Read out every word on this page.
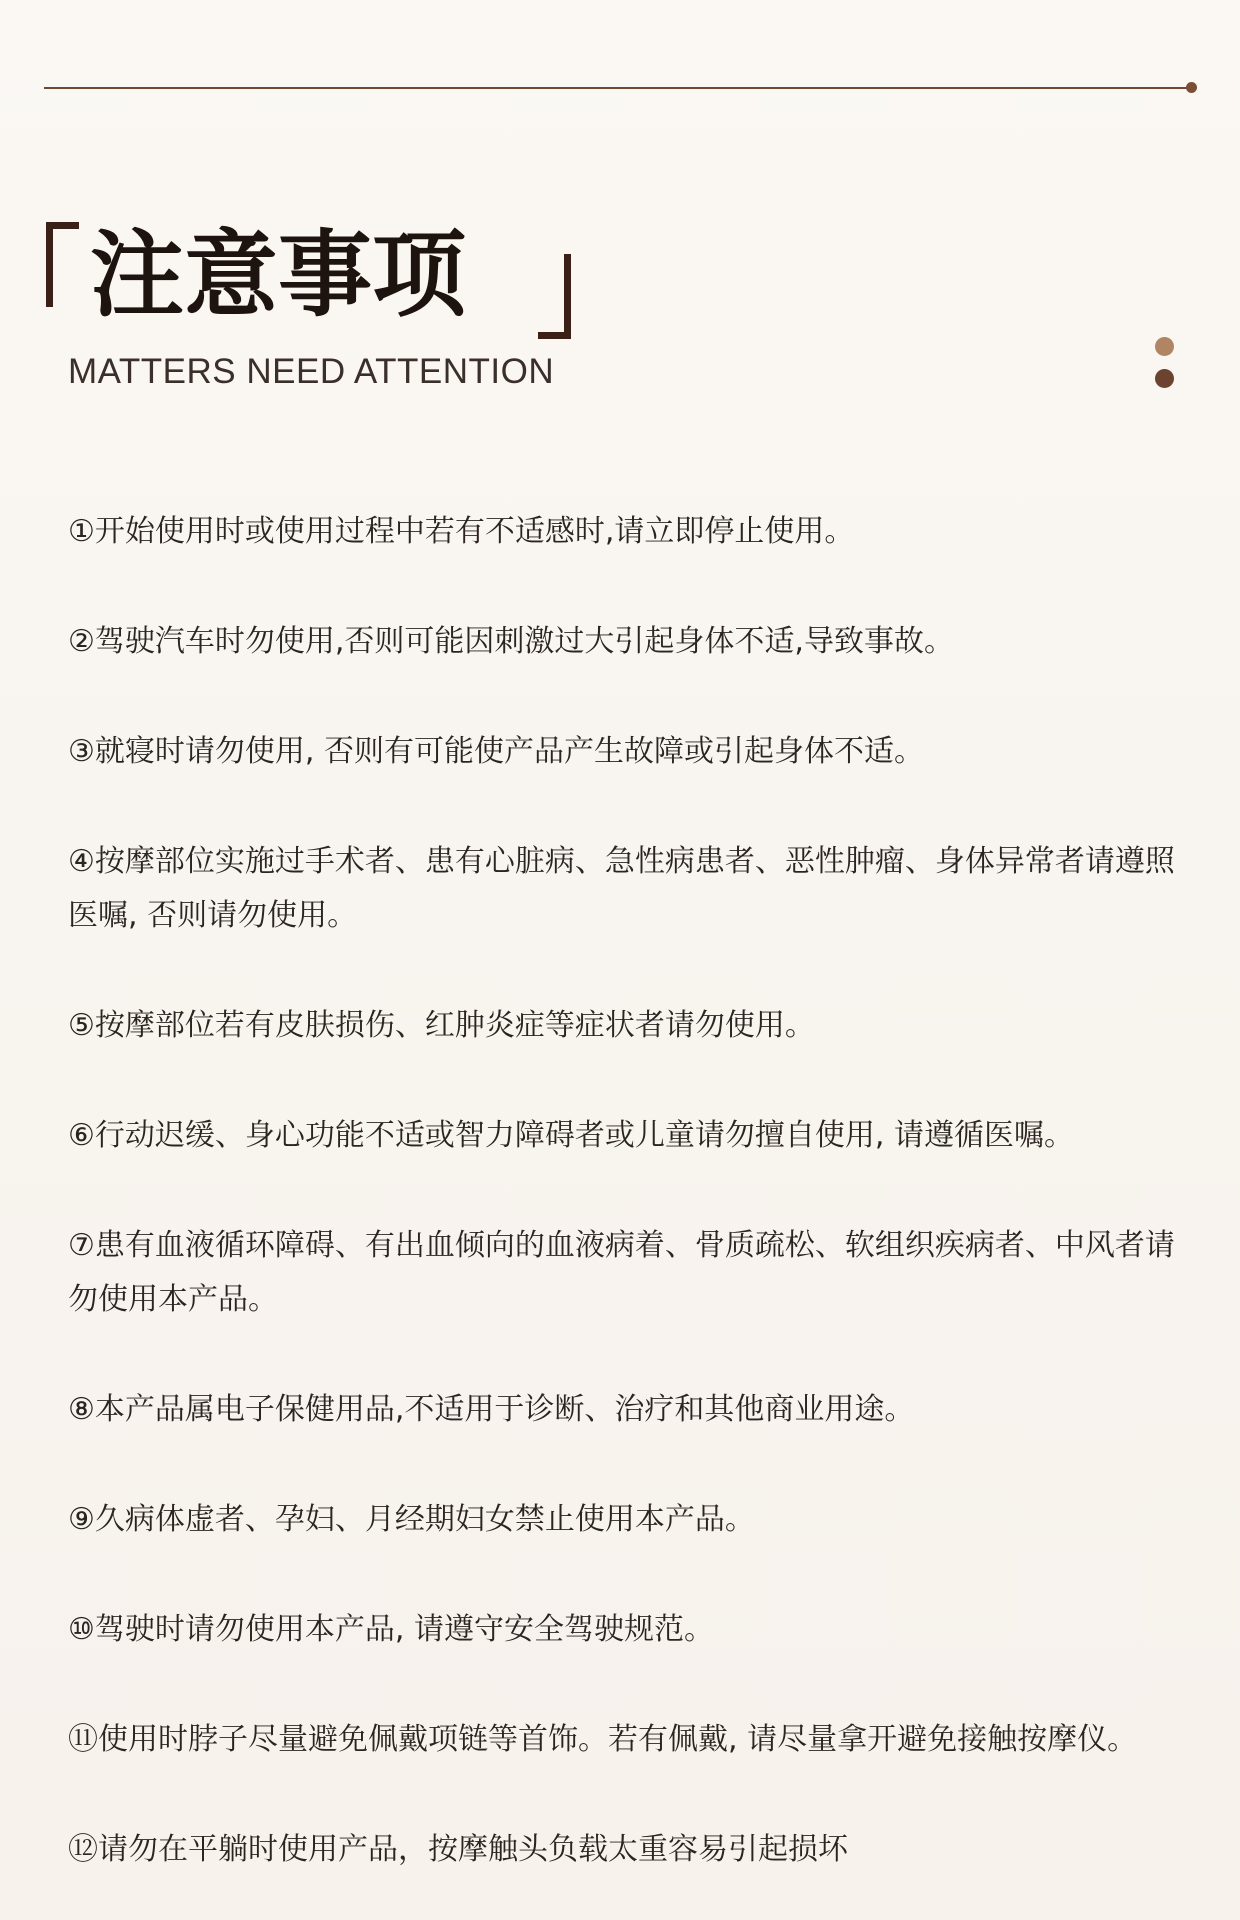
注意事项

MATTERS NEED ATTENTION

①开始使用时或使用过程中若有不适感时,请立即停止使用。
②驾驶汽车时勿使用,否则可能因刺激过大引起身体不适,导致事故。
③就寝时请勿使用, 否则有可能使产品产生故障或引起身体不适。
④按摩部位实施过手术者、患有心脏病、急性病患者、恶性肿瘤、身体异常者请遵照医嘱, 否则请勿使用。
⑤按摩部位若有皮肤损伤、红肿炎症等症状者请勿使用。
⑥行动迟缓、身心功能不适或智力障碍者或儿童请勿擅自使用, 请遵循医嘱。
⑦患有血液循环障碍、有出血倾向的血液病着、骨质疏松、软组织疾病者、中风者请勿使用本产品。
⑧本产品属电子保健用品,不适用于诊断、治疗和其他商业用途。
⑨久病体虚者、孕妇、月经期妇女禁止使用本产品。
⑩驾驶时请勿使用本产品, 请遵守安全驾驶规范。
⑪使用时脖子尽量避免佩戴项链等首饰。若有佩戴, 请尽量拿开避免接触按摩仪。
⑫请勿在平躺时使用产品，按摩触头负载太重容易引起损坏
